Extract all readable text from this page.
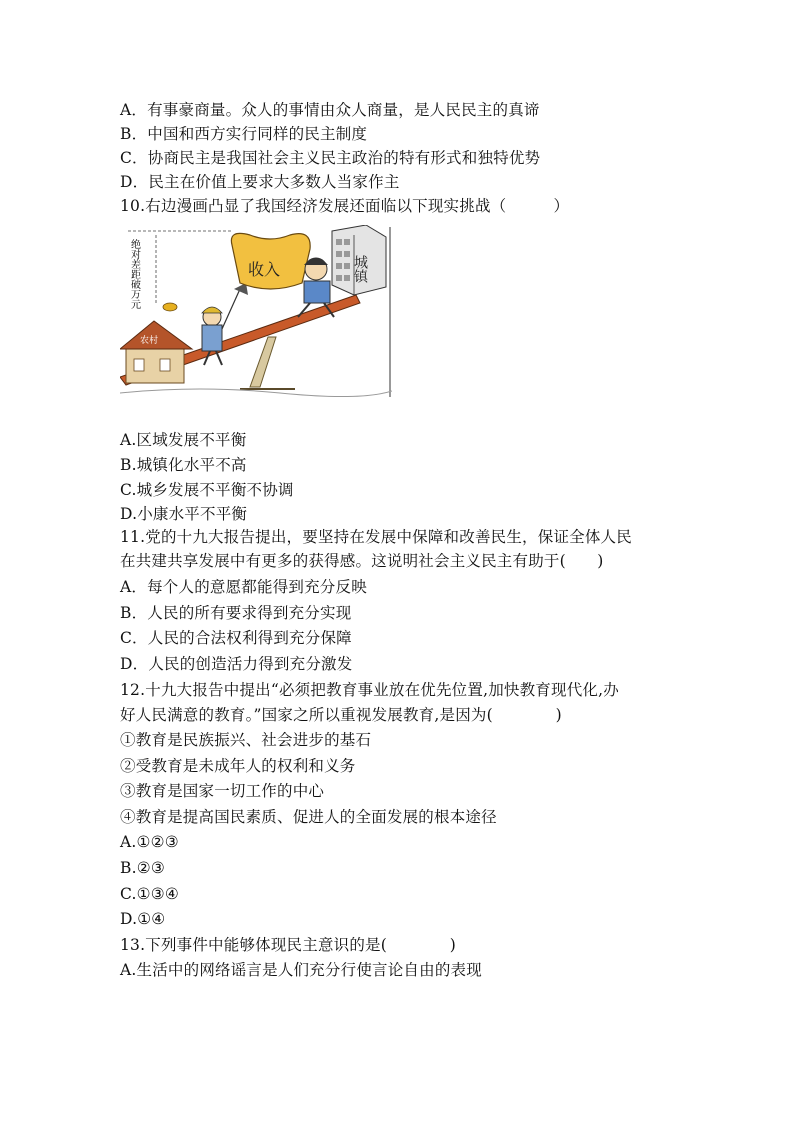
A．有事豪商量。众人的事情由众人商量，是人民民主的真谛
B．中国和西方实行同样的民主制度
C．协商民主是我国社会主义民主政治的特有形式和独特优势
D．民主在价值上要求大多数人当家作主
10.右边漫画凸显了我国经济发展还面临以下现实挑战（　　　）
绝对差距破万元
农村
收入	城镇
A.区域发展不平衡
B.城镇化水平不高
C.城乡发展不平衡不协调
D.小康水平不平衡
11.党的十九大报告提出，要坚持在发展中保障和改善民生，保证全体人民
在共建共享发展中有更多的获得感。这说明社会主义民主有助于(　　)
A．每个人的意愿都能得到充分反映
B．人民的所有要求得到充分实现
C．人民的合法权利得到充分保障
D．人民的创造活力得到充分激发
12.十九大报告中提出“必须把教育事业放在优先位置,加快教育现代化,办
好人民满意的教育。”国家之所以重视发展教育,是因为(　　　　)
①教育是民族振兴、社会进步的基石
②受教育是未成年人的权利和义务
③教育是国家一切工作的中心
④教育是提高国民素质、促进人的全面发展的根本途径
A.①②③
B.②③
C.①③④
D.①④
13.下列事件中能够体现民主意识的是(　　　　)
A.生活中的网络谣言是人们充分行使言论自由的表现
